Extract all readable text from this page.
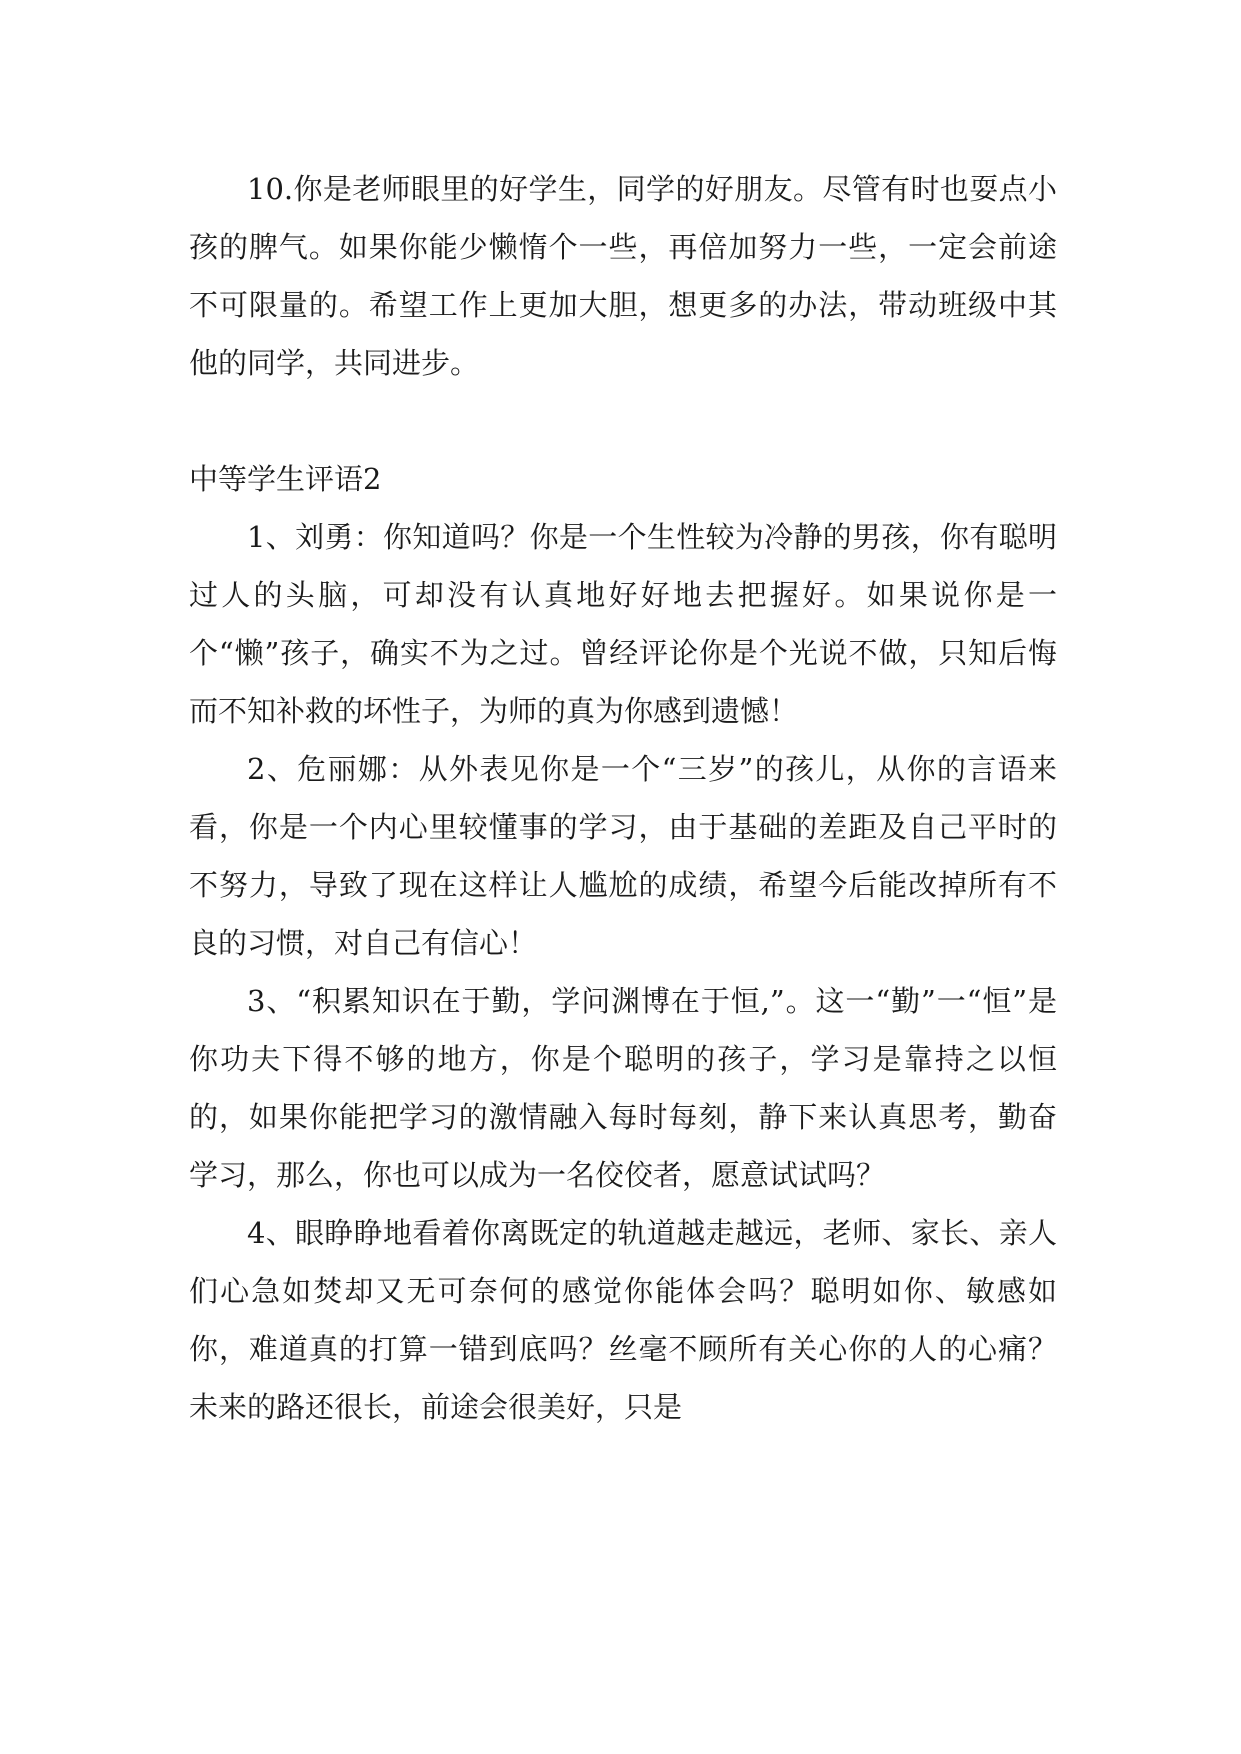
10.你是老师眼里的好学生，同学的好朋友。尽管有时也耍点小孩的脾气。如果你能少懒惰个一些，再倍加努力一些，一定会前途不可限量的。希望工作上更加大胆，想更多的办法，带动班级中其他的同学，共同进步。

中等学生评语2

1、刘勇：你知道吗？你是一个生性较为冷静的男孩，你有聪明过人的头脑，可却没有认真地好好地去把握好。如果说你是一个“懒”孩子，确实不为之过。曾经评论你是个光说不做，只知后悔而不知补救的坏性子，为师的真为你感到遗憾！

2、危丽娜：从外表见你是一个“三岁”的孩儿，从你的言语来看，你是一个内心里较懂事的学习，由于基础的差距及自己平时的不努力，导致了现在这样让人尴尬的成绩，希望今后能改掉所有不良的习惯，对自己有信心！

3、“积累知识在于勤，学问渊博在于恒,”。这一“勤”一“恒”是你功夫下得不够的地方，你是个聪明的孩子，学习是靠持之以恒的，如果你能把学习的激情融入每时每刻，静下来认真思考，勤奋学习，那么，你也可以成为一名佼佼者，愿意试试吗？

4、眼睁睁地看着你离既定的轨道越走越远，老师、家长、亲人们心急如焚却又无可奈何的感觉你能体会吗？聪明如你、敏感如你，难道真的打算一错到底吗？丝毫不顾所有关心你的人的心痛？未来的路还很长，前途会很美好，只是
